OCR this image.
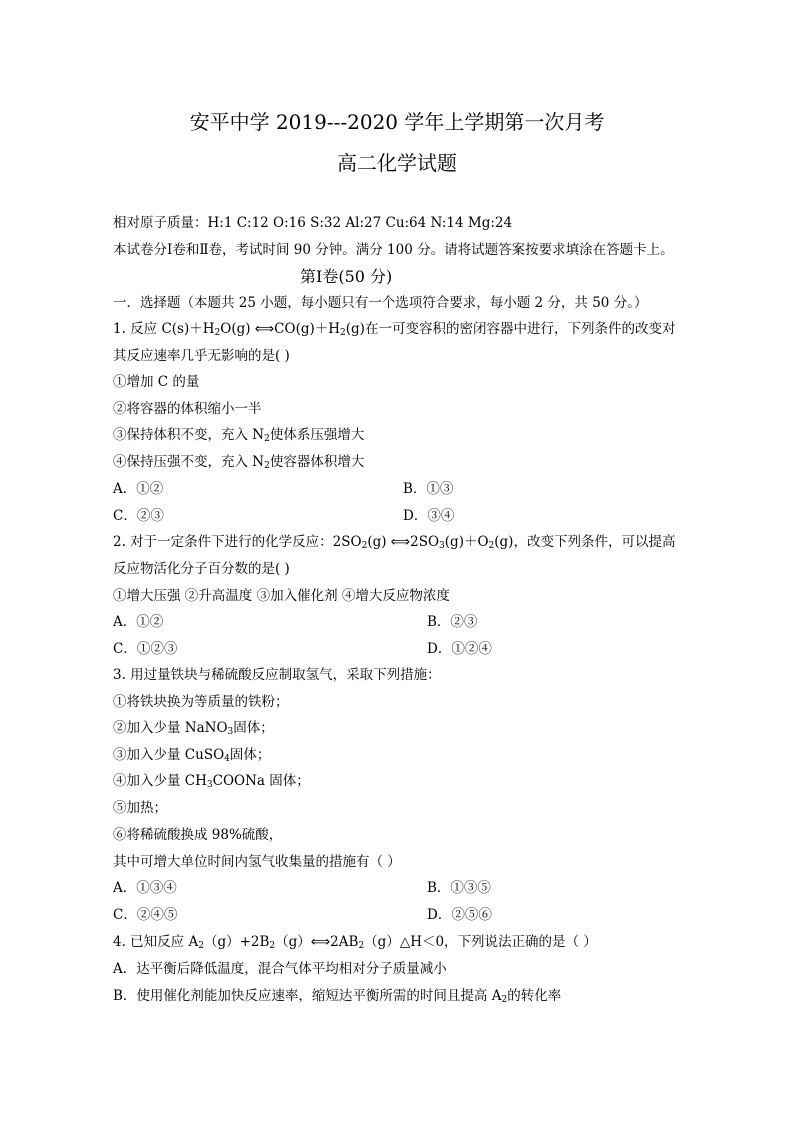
安平中学 2019---2020 学年上学期第一次月考
高二化学试题
相对原子质量：H:1 C:12 O:16 S:32 Al:27 Cu:64 N:14 Mg:24
本试卷分Ⅰ卷和Ⅱ卷，考试时间 90 分钟。满分 100 分。请将试题答案按要求填涂在答题卡上。
第Ⅰ卷(50 分)
一．选择题（本题共 25 小题，每小题只有一个选项符合要求，每小题 2 分，共 50 分。）
1. 反应 $C(s)+H_2O(g)$ $⟺CO(g)+H_2(g)$在一可变容积的密闭容器中进行，下列条件的改变对
其反应速率几乎无影响的是( )
①增加 C 的量
②将容器的体积缩小一半
③保持体积不变，充入 $N_2$使体系压强增大
④保持压强不变，充入 $N_2$使容器体积增大
A．①②	B．①③
C．②③	D．③④
2. 对于一定条件下进行的化学反应：$2SO_2(g)$ $⟺2SO_3(g)+O_2(g)$，改变下列条件，可以提高
反应物活化分子百分数的是( )
①增大压强 ②升高温度 ③加入催化剂 ④增大反应物浓度
A．①②	B．②③
C．①②③	D．①②④
3. 用过量铁块与稀硫酸反应制取氢气，采取下列措施：
①将铁块换为等质量的铁粉；
②加入少量 NaNO$_3$固体；
③加入少量 CuSO$_4$固体；
④加入少量 $CH_3COONa$ 固体；
⑤加热；
⑥将稀硫酸换成 98%硫酸，
其中可增大单位时间内氢气收集量的措施有（ ）
A．①③④	B．①③⑤
C．②④⑤	D．②⑤⑥
4. 已知反应 $A_2(g)+2B_2(g)⟺2AB_2(g)\triangle H<0$，下列说法正确的是（ ）
A．达平衡后降低温度，混合气体平均相对分子质量减小
B．使用催化剂能加快反应速率，缩短达平衡所需的时间且提高 $A_2$的转化率
